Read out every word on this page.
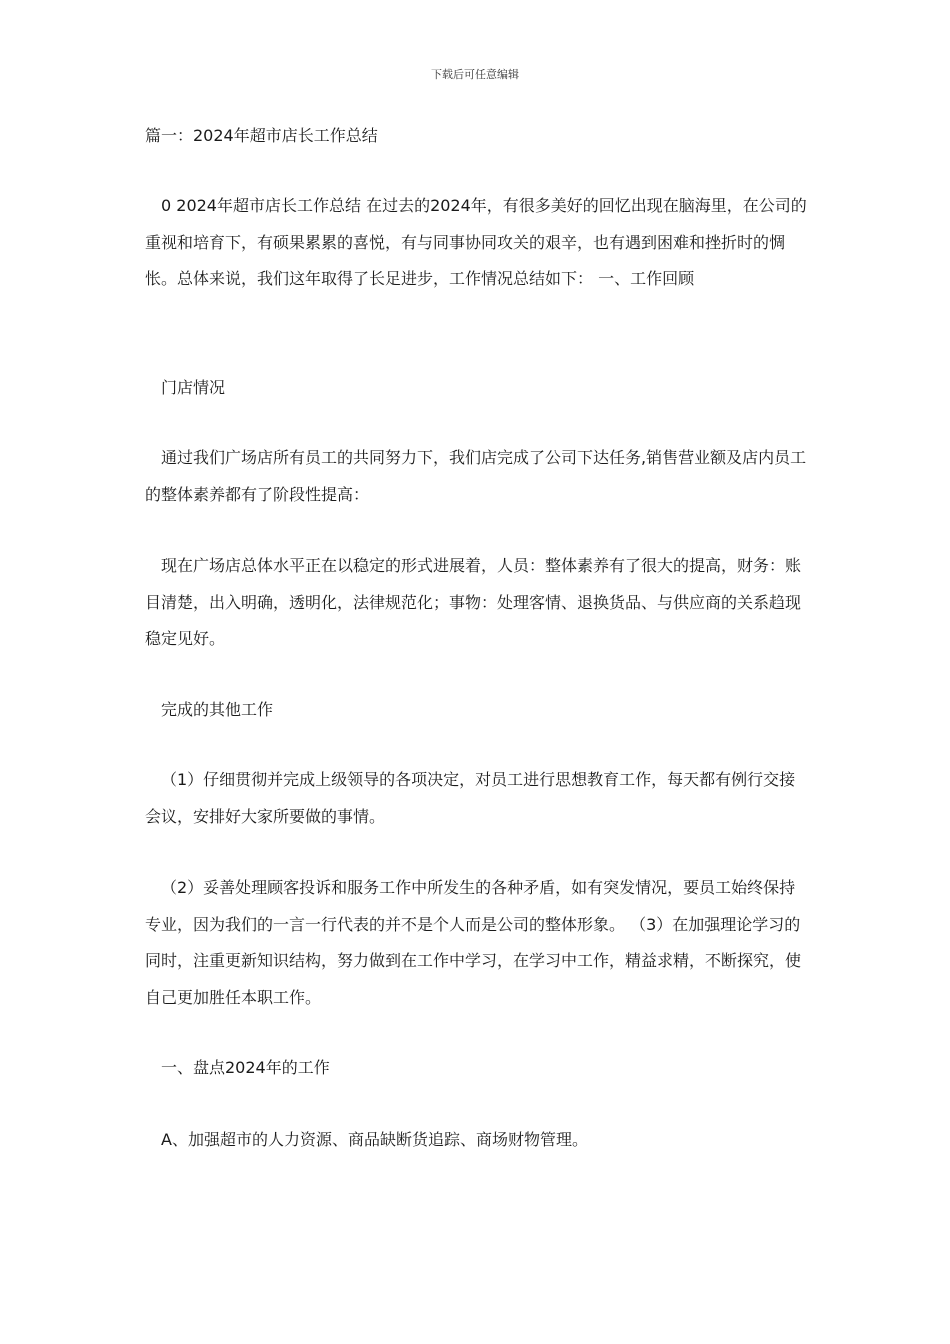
下载后可任意编辑
篇一：2024年超市店长工作总结

0 2024年超市店长工作总结 在过去的2024年，有很多美好的回忆出现在脑海里，在公司的重视和培育下，有硕果累累的喜悦，有与同事协同攻关的艰辛，也有遇到困难和挫折时的惆怅。总体来说，我们这年取得了长足进步，工作情况总结如下： 一、工作回顾

门店情况

通过我们广场店所有员工的共同努力下，我们店完成了公司下达任务,销售营业额及店内员工的整体素养都有了阶段性提高：

现在广场店总体水平正在以稳定的形式进展着，人员：整体素养有了很大的提高，财务：账目清楚，出入明确，透明化，法律规范化；事物：处理客情、退换货品、与供应商的关系趋现稳定见好。

完成的其他工作

（1）仔细贯彻并完成上级领导的各项决定，对员工进行思想教育工作，每天都有例行交接会议，安排好大家所要做的事情。

（2）妥善处理顾客投诉和服务工作中所发生的各种矛盾，如有突发情况，要员工始终保持专业，因为我们的一言一行代表的并不是个人而是公司的整体形象。 （3）在加强理论学习的同时，注重更新知识结构，努力做到在工作中学习，在学习中工作，精益求精，不断探究，使自己更加胜任本职工作。

一、盘点2024年的工作

A、加强超市的人力资源、商品缺断货追踪、商场财物管理。
